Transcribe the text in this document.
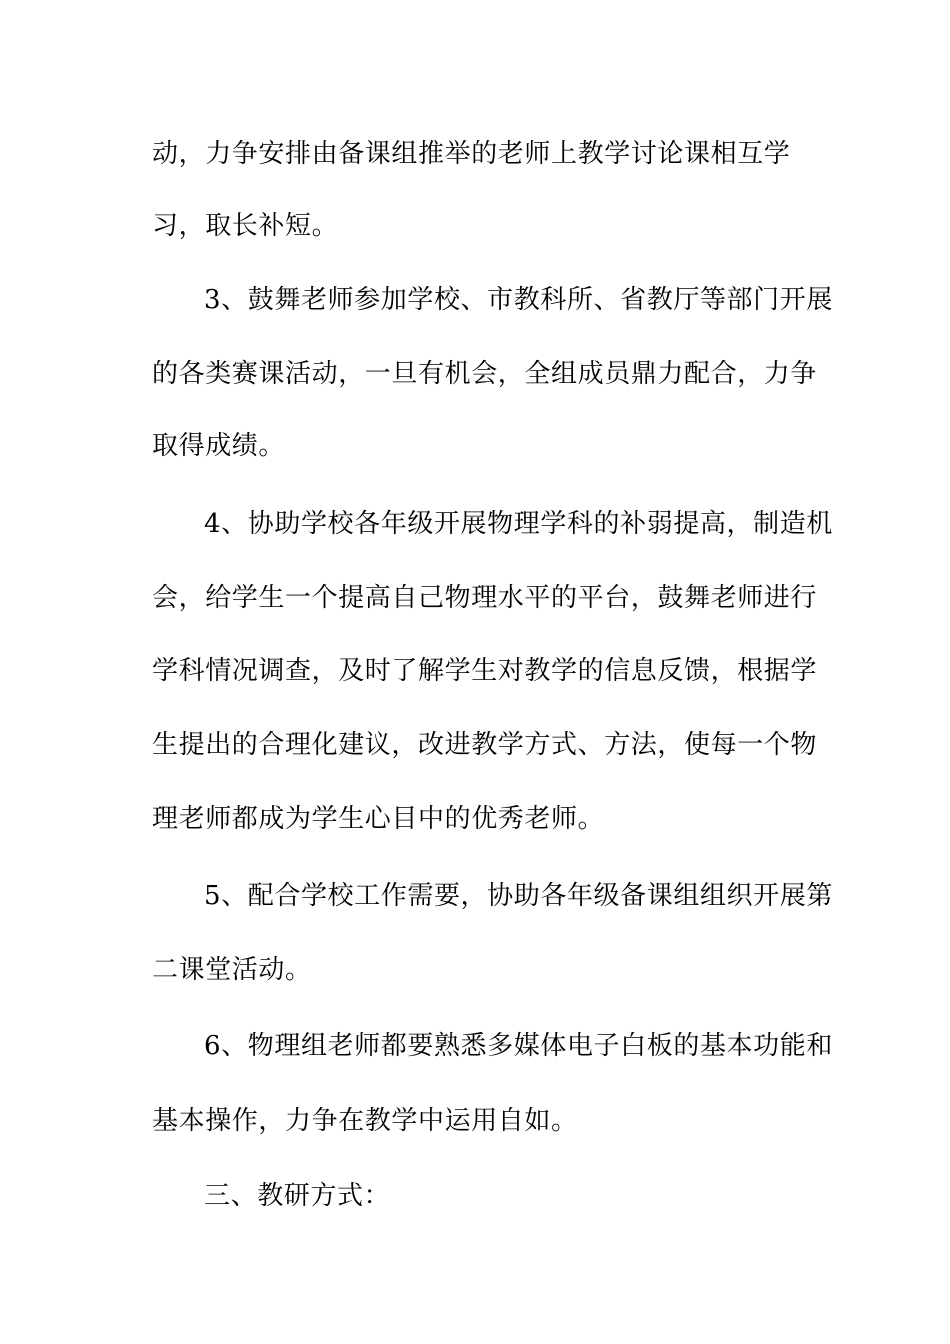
动，力争安排由备课组推举的老师上教学讨论课相互学
习，取长补短。
3、鼓舞老师参加学校、市教科所、省教厅等部门开展
的各类赛课活动，一旦有机会，全组成员鼎力配合，力争
取得成绩。
4、协助学校各年级开展物理学科的补弱提高，制造机
会，给学生一个提高自己物理水平的平台，鼓舞老师进行
学科情况调查，及时了解学生对教学的信息反馈，根据学
生提出的合理化建议，改进教学方式、方法，使每一个物
理老师都成为学生心目中的优秀老师。
5、配合学校工作需要，协助各年级备课组组织开展第
二课堂活动。
6、物理组老师都要熟悉多媒体电子白板的基本功能和
基本操作，力争在教学中运用自如。
三、教研方式：
